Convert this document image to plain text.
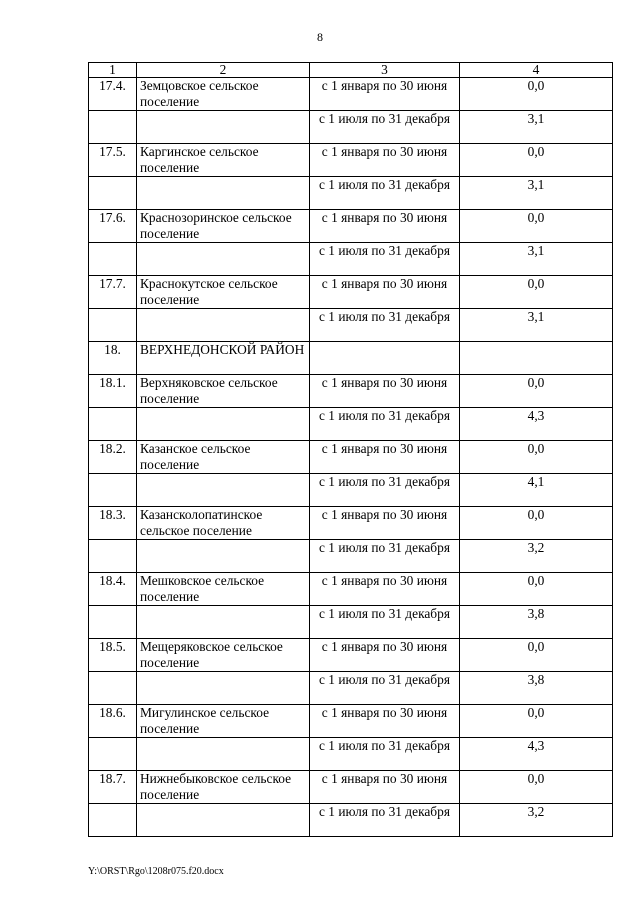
8
1	2	3	4
17.4.	Земцовское сельское поселение	с 1 января по 30 июня	0,0
		с 1 июля по 31 декабря	3,1
17.5.	Каргинское сельское поселение	с 1 января по 30 июня	0,0
		с 1 июля по 31 декабря	3,1
17.6.	Краснозоринское сельское поселение	с 1 января по 30 июня	0,0
		с 1 июля по 31 декабря	3,1
17.7.	Краснокутское сельское поселение	с 1 января по 30 июня	0,0
		с 1 июля по 31 декабря	3,1
18.	ВЕРХНЕДОНСКОЙ РАЙОН		
18.1.	Верхняковское сельское поселение	с 1 января по 30 июня	0,0
		с 1 июля по 31 декабря	4,3
18.2.	Казанское сельское поселение	с 1 января по 30 июня	0,0
		с 1 июля по 31 декабря	4,1
18.3.	Казансколопатинское сельское поселение	с 1 января по 30 июня	0,0
		с 1 июля по 31 декабря	3,2
18.4.	Мешковское сельское поселение	с 1 января по 30 июня	0,0
		с 1 июля по 31 декабря	3,8
18.5.	Мещеряковское сельское поселение	с 1 января по 30 июня	0,0
		с 1 июля по 31 декабря	3,8
18.6.	Мигулинское сельское поселение	с 1 января по 30 июня	0,0
		с 1 июля по 31 декабря	4,3
18.7.	Нижнебыковское сельское поселение	с 1 января по 30 июня	0,0
		с 1 июля по 31 декабря	3,2
Y:\ORST\Rgo\1208r075.f20.docx
